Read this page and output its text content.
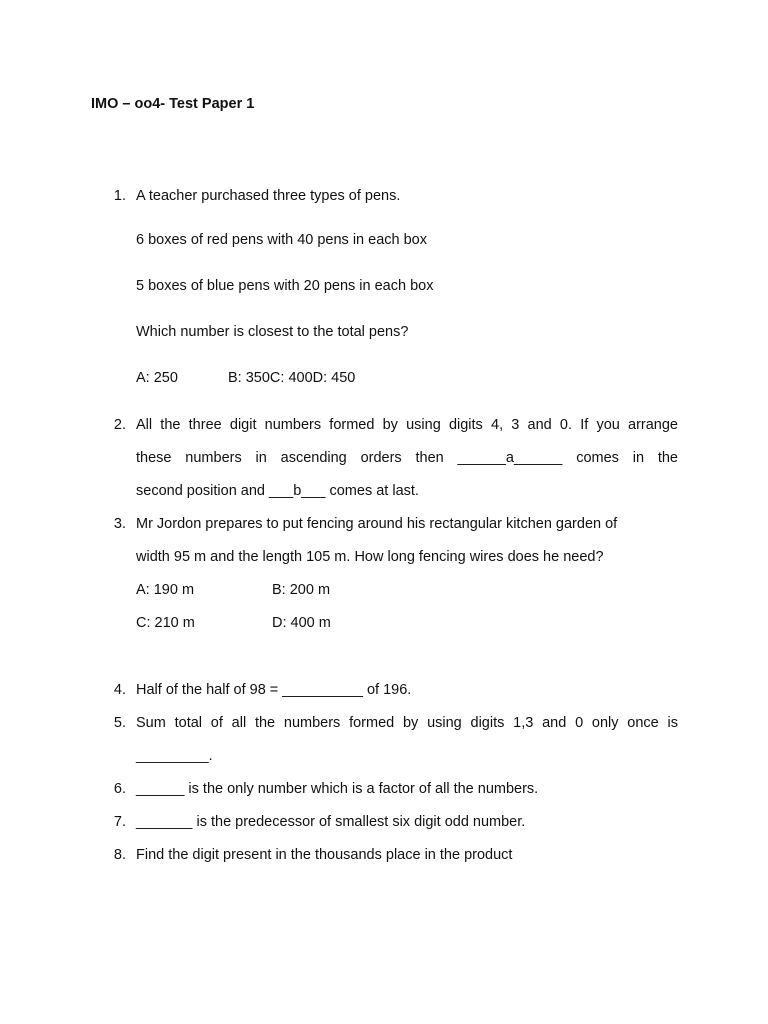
IMO – oo4- Test Paper 1
1. A teacher purchased three types of pens.
6 boxes of red pens with 40 pens in each box
5 boxes of blue pens with 20 pens in each box
Which number is closest to the total pens?
A: 250	B: 350C: 400D: 450
2. All the three digit numbers formed by using digits 4, 3 and 0. If you arrange
these numbers in ascending orders then ______a______ comes in the
second position and ___b___ comes at last.
3. Mr Jordon prepares to put fencing around his rectangular kitchen garden of
width 95 m and the length 105 m. How long fencing wires does he need?
A: 190 m	B: 200 m
C: 210 m	D: 400 m
4. Half of the half of 98 = __________ of 196.
5. Sum total of all the numbers formed by using digits 1,3 and 0 only once is
_________.
6. ______ is the only number which is a factor of all the numbers.
7. _______ is the predecessor of smallest six digit odd number.
8. Find the digit present in the thousands place in the product
